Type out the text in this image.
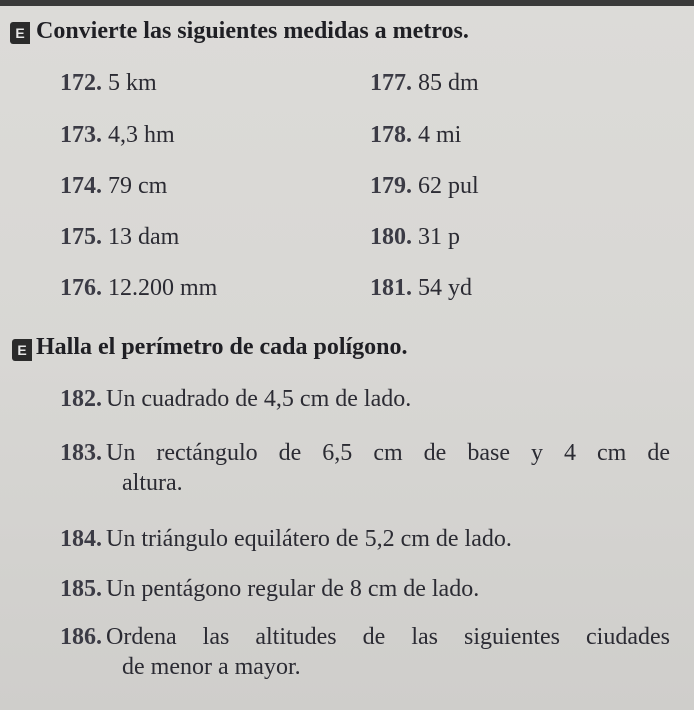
E Convierte las siguientes medidas a metros.
172. 5 km
173. 4,3 hm
174. 79 cm
175. 13 dam
176. 12.200 mm
177. 85 dm
178. 4 mi
179. 62 pul
180. 31 p
181. 54 yd
E Halla el perímetro de cada polígono.
182. Un cuadrado de 4,5 cm de lado.
183. Un rectángulo de 6,5 cm de base y 4 cm de
altura.
184. Un triángulo equilátero de 5,2 cm de lado.
185. Un pentágono regular de 8 cm de lado.
186. Ordena las altitudes de las siguientes ciudades
de menor a mayor.
